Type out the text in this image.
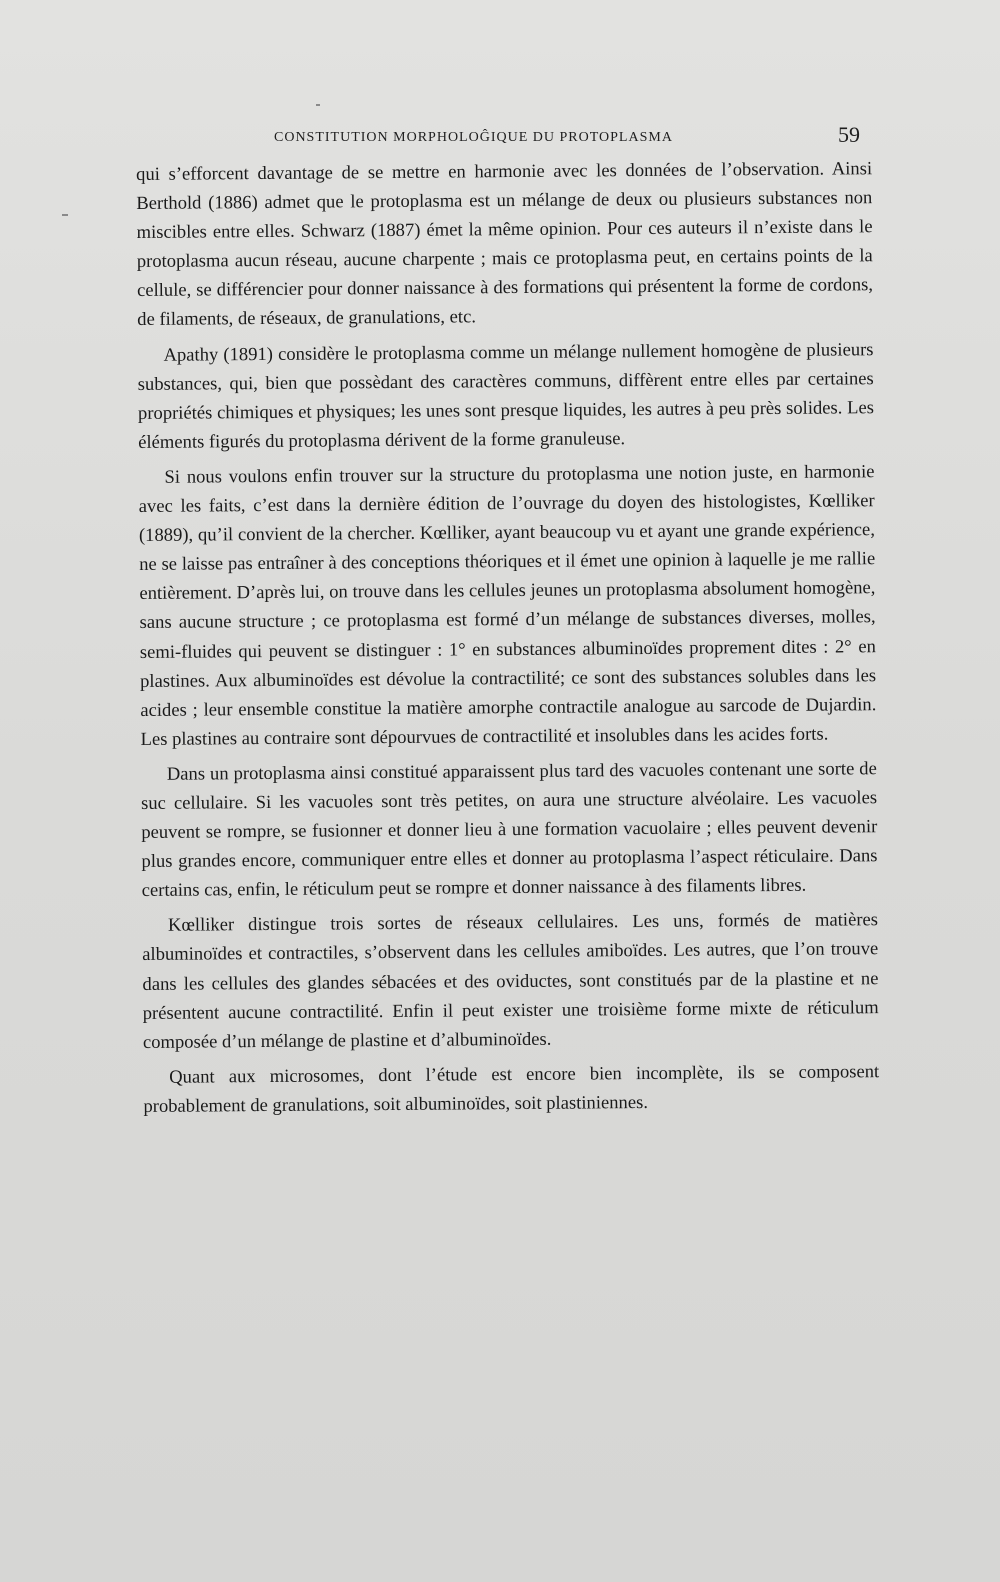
CONSTITUTION MORPHOLOĜIQUE DU PROTOPLASMA	59

qui s’efforcent davantage de se mettre en harmonie avec les données de l’observation. Ainsi Berthold (1886) admet que le protoplasma est un mélange de deux ou plusieurs substances non miscibles entre elles. Schwarz (1887) émet la même opinion. Pour ces auteurs il n’existe dans le protoplasma aucun réseau, aucune charpente ; mais ce protoplasma peut, en certains points de la cellule, se différencier pour donner naissance à des formations qui présentent la forme de cordons, de filaments, de réseaux, de granulations, etc.

Apathy (1891) considère le protoplasma comme un mélange nullement homogène de plusieurs substances, qui, bien que possèdant des caractères communs, diffèrent entre elles par certaines propriétés chimiques et physiques; les unes sont presque liquides, les autres à peu près solides. Les éléments figurés du protoplasma dérivent de la forme granuleuse.

Si nous voulons enfin trouver sur la structure du protoplasma une notion juste, en harmonie avec les faits, c’est dans la dernière édition de l’ouvrage du doyen des histologistes, Kœlliker (1889), qu’il convient de la chercher. Kœlliker, ayant beaucoup vu et ayant une grande expérience, ne se laisse pas entraîner à des conceptions théoriques et il émet une opinion à laquelle je me rallie entièrement. D’après lui, on trouve dans les cellules jeunes un protoplasma absolument homogène, sans aucune structure ; ce protoplasma est formé d’un mélange de substances diverses, molles, semi-fluides qui peuvent se distinguer : 1° en substances albuminoïdes proprement dites : 2° en plastines. Aux albuminoïdes est dévolue la contractilité; ce sont des substances solubles dans les acides ; leur ensemble constitue la matière amorphe contractile analogue au sarcode de Dujardin. Les plastines au contraire sont dépourvues de contractilité et insolubles dans les acides forts.

Dans un protoplasma ainsi constitué apparaissent plus tard des vacuoles contenant une sorte de suc cellulaire. Si les vacuoles sont très petites, on aura une structure alvéolaire. Les vacuoles peuvent se rompre, se fusionner et donner lieu à une formation vacuolaire ; elles peuvent devenir plus grandes encore, communiquer entre elles et donner au protoplasma l’aspect réticulaire. Dans certains cas, enfin, le réticulum peut se rompre et donner naissance à des filaments libres.

Kœlliker distingue trois sortes de réseaux cellulaires. Les uns, formés de matières albuminoïdes et contractiles, s’observent dans les cellules amiboïdes. Les autres, que l’on trouve dans les cellules des glandes sébacées et des oviductes, sont constitués par de la plastine et ne présentent aucune contractilité. Enfin il peut exister une troisième forme mixte de réticulum composée d’un mélange de plastine et d’albuminoïdes.

Quant aux microsomes, dont l’étude est encore bien incomplète, ils se composent probablement de granulations, soit albuminoïdes, soit plastiniennes.
